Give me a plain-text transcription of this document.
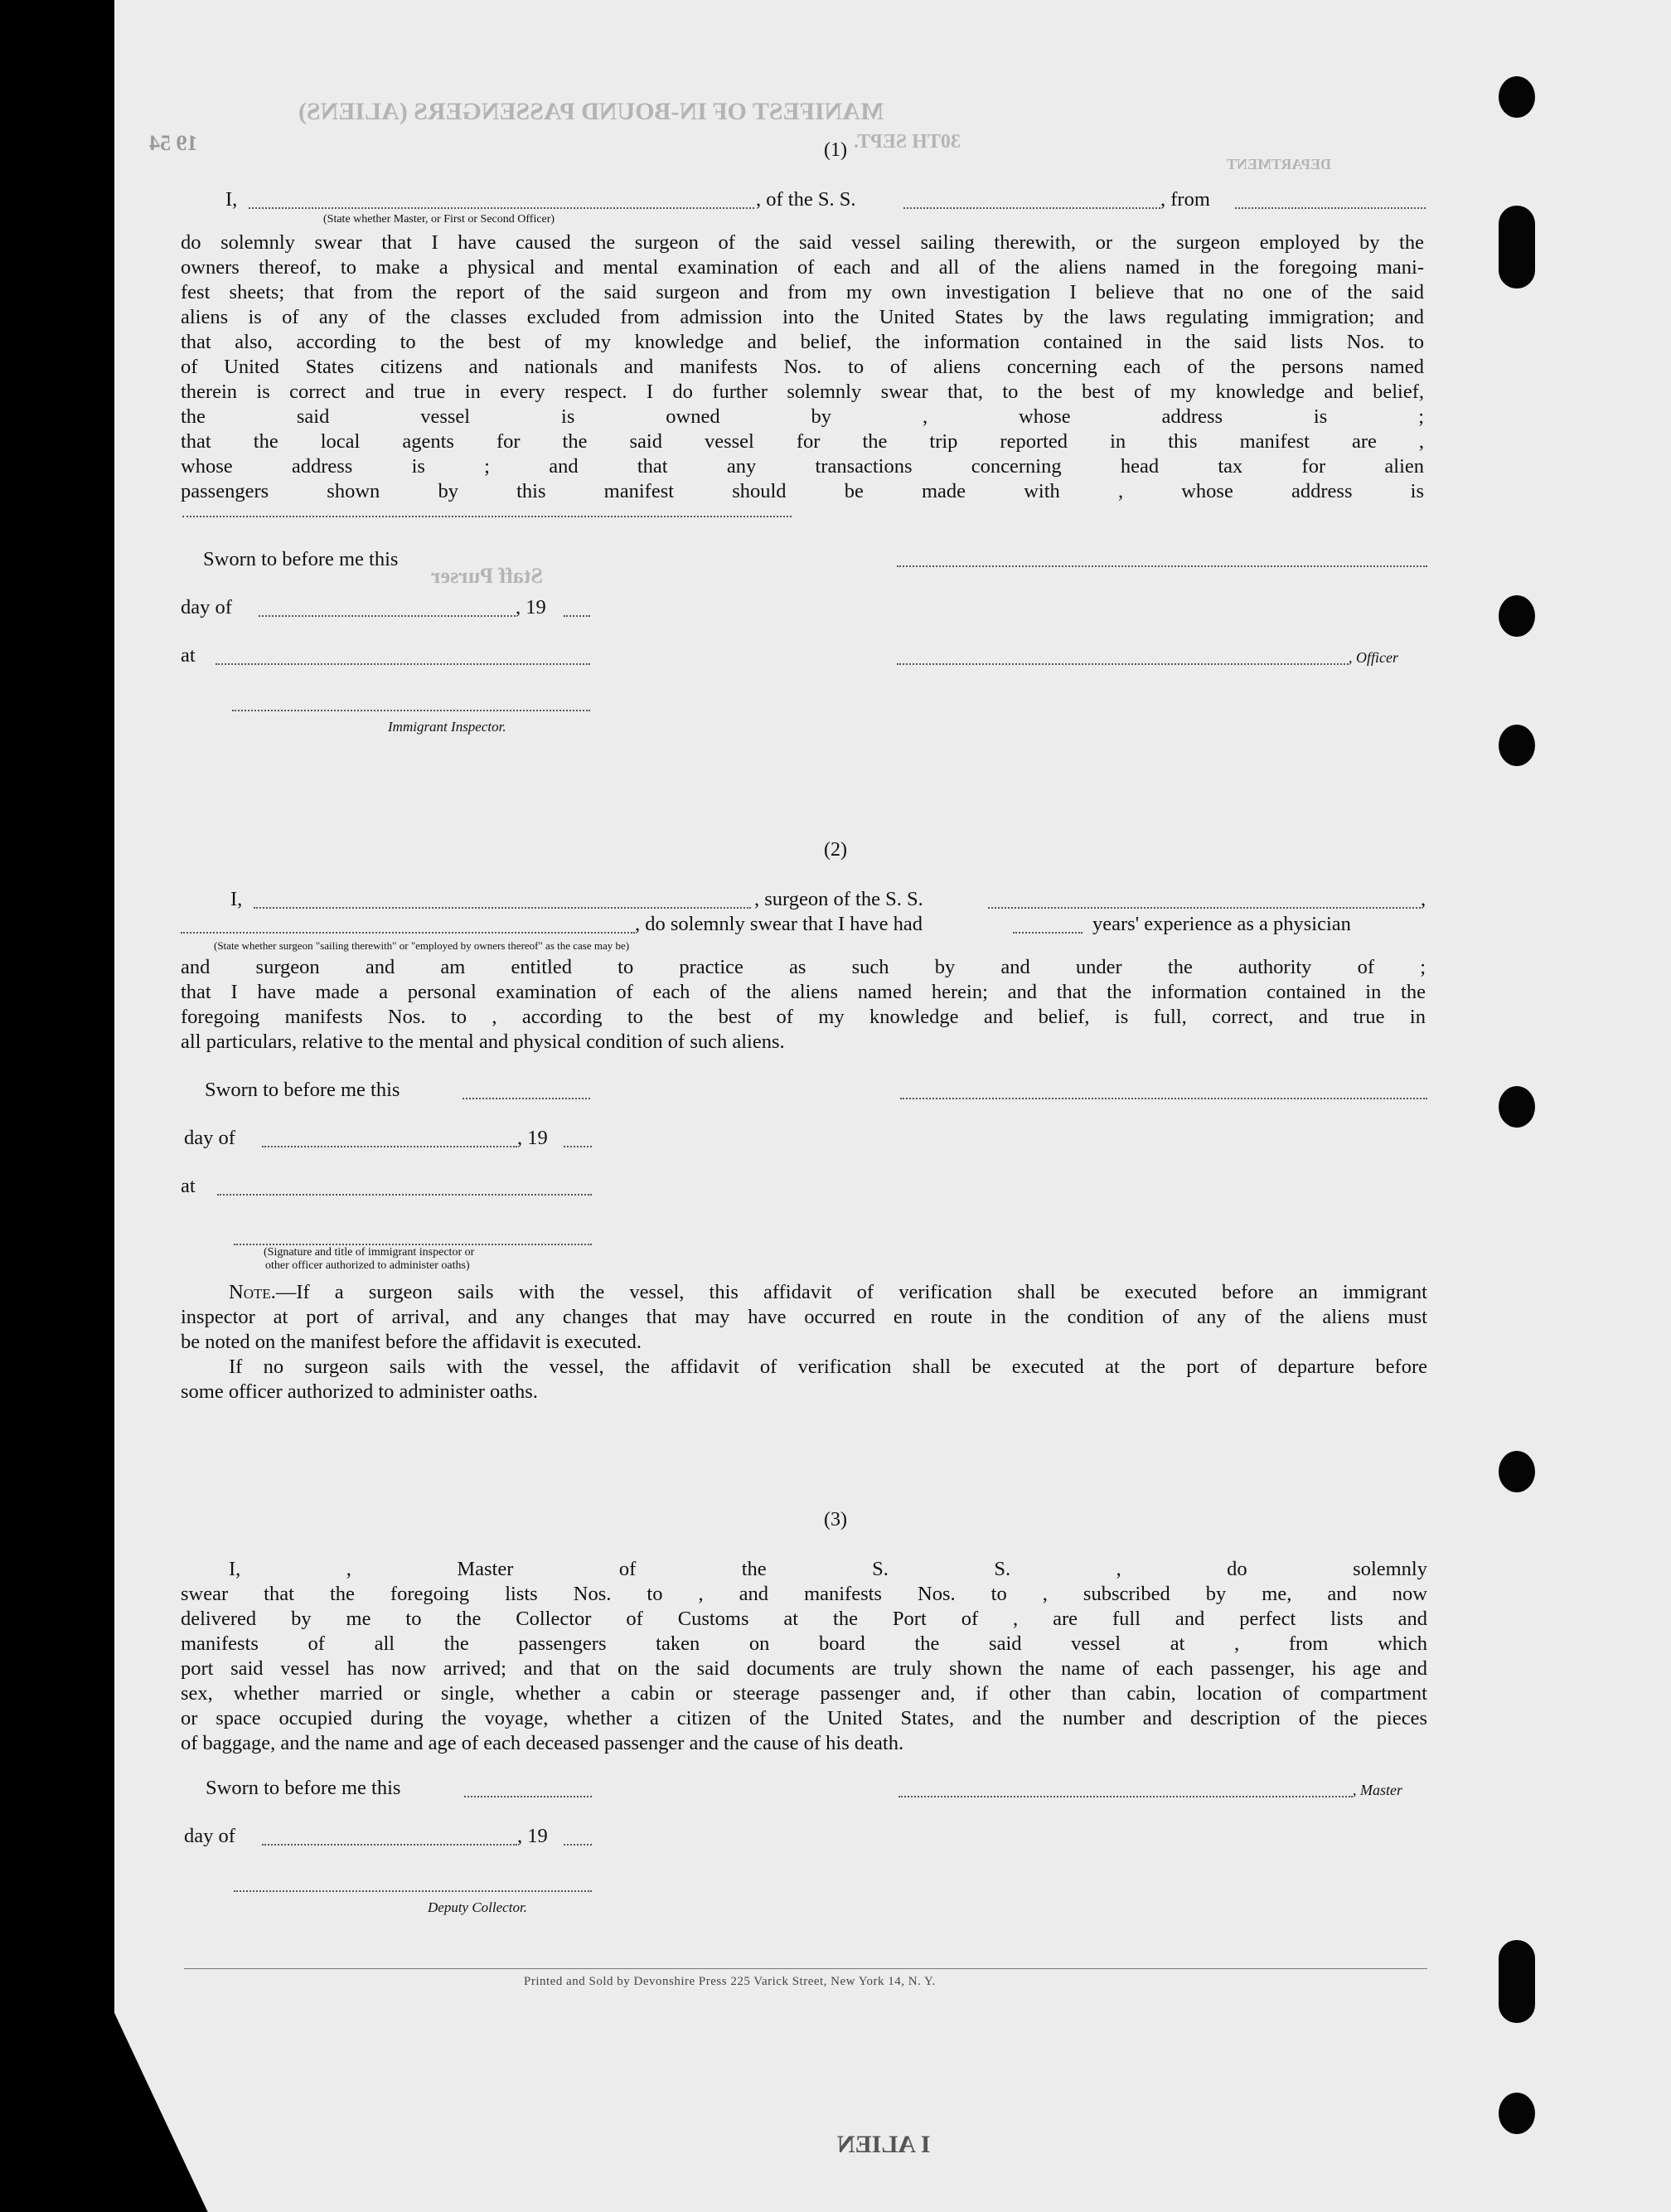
MANIFEST OF IN-BOUND PASSENGERS (ALIENS)
30TH SEPT.
19 54
DEPARTMENT
Staff Purser
I ALIEN
(1)
I,	, of the S. S.	, from
(State whether Master, or First or Second Officer)
do solemnly swear that I have caused the surgeon of the said vessel sailing therewith, or the surgeon employed by the
owners thereof, to make a physical and mental examination of each and all of the aliens named in the foregoing mani-
fest sheets; that from the report of the said surgeon and from my own investigation I believe that no one of the said
aliens is of any of the classes excluded from admission into the United States by the laws regulating immigration; and
that also, according to the best of my knowledge and belief, the information contained in the said lists Nos. to
of United States citizens and nationals and manifests Nos. to of aliens concerning each of the persons named
therein is correct and true in every respect. I do further solemnly swear that, to the best of my knowledge and belief,
the said vessel is owned by , whose address is ;
that the local agents for the said vessel for the trip reported in this manifest are ,
whose address is ; and that any transactions concerning head tax for alien
passengers shown by this manifest should be made with , whose address is
Sworn to before me this
day of	, 19
at	, Officer
Immigrant Inspector.
(2)
I,	, surgeon of the S. S.	,
, do solemnly swear that I have had	years' experience as a physician
(State whether surgeon "sailing therewith" or "employed by owners thereof" as the case may be)
and surgeon and am entitled to practice as such by and under the authority of ;
that I have made a personal examination of each of the aliens named herein; and that the information contained in the
foregoing manifests Nos. to , according to the best of my knowledge and belief, is full, correct, and true in
all particulars, relative to the mental and physical condition of such aliens.
Sworn to before me this
day of	, 19
at
(Signature and title of immigrant inspector or
other officer authorized to administer oaths)
Note.—If a surgeon sails with the vessel, this affidavit of verification shall be executed before an immigrant
inspector at port of arrival, and any changes that may have occurred en route in the condition of any of the aliens must
be noted on the manifest before the affidavit is executed.
If no surgeon sails with the vessel, the affidavit of verification shall be executed at the port of departure before
some officer authorized to administer oaths.
(3)
I, , Master of the S. S. , do solemnly
swear that the foregoing lists Nos. to , and manifests Nos. to , subscribed by me, and now
delivered by me to the Collector of Customs at the Port of , are full and perfect lists and
manifests of all the passengers taken on board the said vessel at , from which
port said vessel has now arrived; and that on the said documents are truly shown the name of each passenger, his age and
sex, whether married or single, whether a cabin or steerage passenger and, if other than cabin, location of compartment
or space occupied during the voyage, whether a citizen of the United States, and the number and description of the pieces
of baggage, and the name and age of each deceased passenger and the cause of his death.
Sworn to before me this	, Master
day of	, 19
Deputy Collector.
Printed and Sold by Devonshire Press 225 Varick Street, New York 14, N. Y.
